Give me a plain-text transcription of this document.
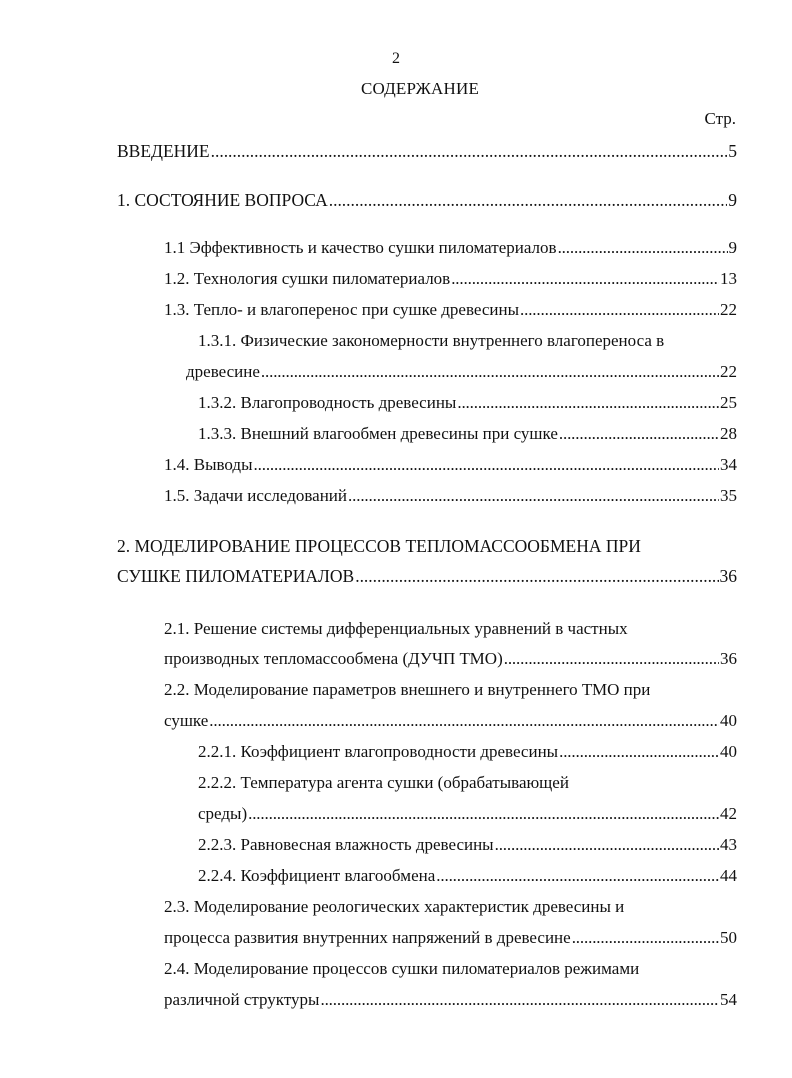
2
СОДЕРЖАНИЕ
Стр.
ВВЕДЕНИЕ . . .	5
1. СОСТОЯНИЕ ВОПРОСА . . .	9
1.1 Эффективность и качество сушки пиломатериалов . . .	9
1.2. Технология сушки пиломатериалов . . .	13
1.3. Тепло- и влагоперенос при сушке древесины . . .	22
1.3.1. Физические закономерности внутреннего влагопереноса в
древесине . . .	22
1.3.2. Влагопроводность древесины . . .	25
1.3.3. Внешний влагообмен древесины при сушке . . .	28
1.4. Выводы . . .	34
1.5. Задачи исследований . . .	35
2. МОДЕЛИРОВАНИЕ ПРОЦЕССОВ ТЕПЛОМАССООБМЕНА ПРИ
СУШКЕ ПИЛОМАТЕРИАЛОВ . . .	36
2.1. Решение системы дифференциальных уравнений в частных
производных тепломассообмена (ДУЧП ТМО) . . .	36
2.2. Моделирование параметров внешнего и внутреннего ТМО при
сушке . . .	40
2.2.1. Коэффициент влагопроводности древесины . . .	40
2.2.2. Температура агента сушки (обрабатывающей
среды) . . .	42
2.2.3. Равновесная влажность древесины . . .	43
2.2.4. Коэффициент влагообмена . . .	44
2.3. Моделирование реологических характеристик древесины и
процесса развития внутренних напряжений в древесине . . .	50
2.4. Моделирование процессов сушки пиломатериалов режимами
различной структуры . . .	54
